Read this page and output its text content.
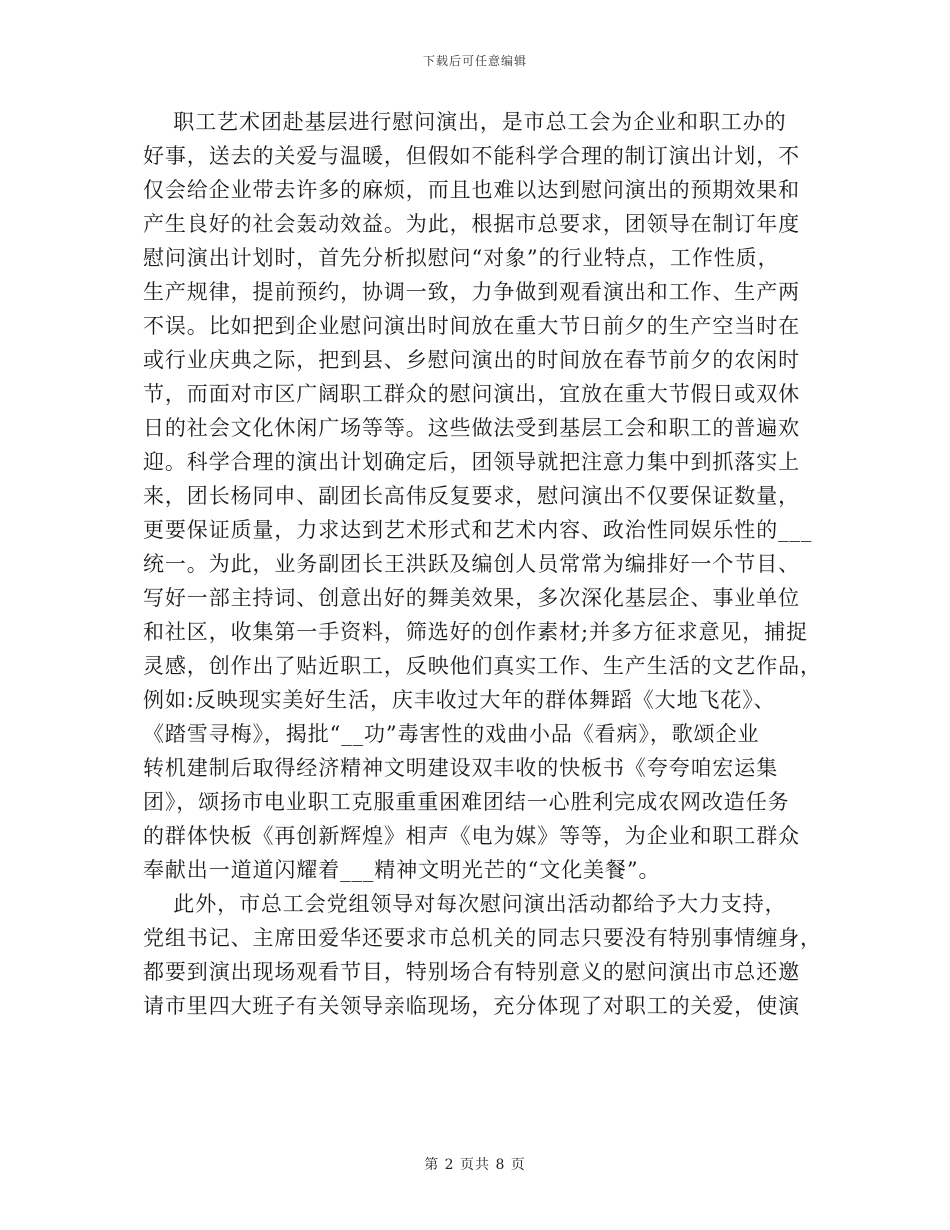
下载后可任意编辑
职工艺术团赴基层进行慰问演出，是市总工会为企业和职工办的
好事，送去的关爱与温暖，但假如不能科学合理的制订演出计划，不
仅会给企业带去许多的麻烦，而且也难以达到慰问演出的预期效果和
产生良好的社会轰动效益。为此，根据市总要求，团领导在制订年度
慰问演出计划时，首先分析拟慰问“对象”的行业特点，工作性质，
生产规律，提前预约，协调一致，力争做到观看演出和工作、生产两
不误。比如把到企业慰问演出时间放在重大节日前夕的生产空当时在
或行业庆典之际，把到县、乡慰问演出的时间放在春节前夕的农闲时
节，而面对市区广阔职工群众的慰问演出，宜放在重大节假日或双休
日的社会文化休闲广场等等。这些做法受到基层工会和职工的普遍欢
迎。科学合理的演出计划确定后，团领导就把注意力集中到抓落实上
来，团长杨同申、副团长高伟反复要求，慰问演出不仅要保证数量，
更要保证质量，力求达到艺术形式和艺术内容、政治性同娱乐性的___
统一。为此，业务副团长王洪跃及编创人员常常为编排好一个节目、
写好一部主持词、创意出好的舞美效果，多次深化基层企、事业单位
和社区，收集第一手资料，筛选好的创作素材;并多方征求意见，捕捉
灵感，创作出了贴近职工，反映他们真实工作、生产生活的文艺作品，
例如:反映现实美好生活，庆丰收过大年的群体舞蹈《大地飞花》、
《踏雪寻梅》，揭批“__功”毒害性的戏曲小品《看病》，歌颂企业
转机建制后取得经济精神文明建设双丰收的快板书《夸夸咱宏运集
团》，颂扬市电业职工克服重重困难团结一心胜利完成农网改造任务
的群体快板《再创新辉煌》相声《电为媒》等等，为企业和职工群众
奉献出一道道闪耀着___精神文明光芒的“文化美餐”。
此外，市总工会党组领导对每次慰问演出活动都给予大力支持，
党组书记、主席田爱华还要求市总机关的同志只要没有特别事情缠身，
都要到演出现场观看节目，特别场合有特别意义的慰问演出市总还邀
请市里四大班子有关领导亲临现场，充分体现了对职工的关爱，使演
第 2 页共 8 页
